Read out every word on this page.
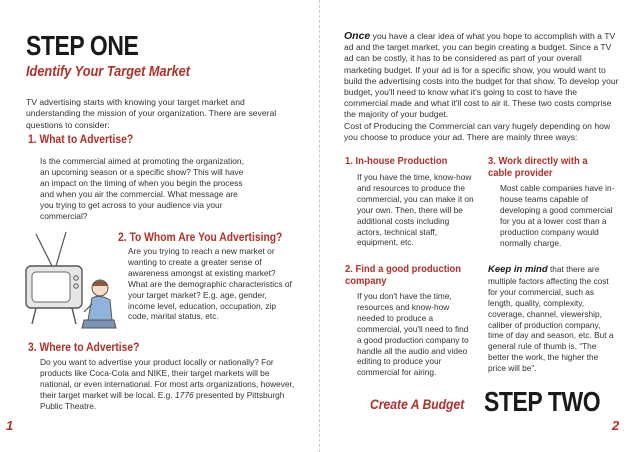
STEP ONE
Identify Your Target Market
TV advertising starts with knowing your target market and understanding the mission of your organization. There are several questions to consider:
1. What to Advertise?
Is the commercial aimed at promoting the organization, an upcoming season or a specific show? This will have an impact on the timing of when you begin the process and when you air the commercial. What message are you trying to get across to your audience via your commercial?
2. To Whom Are You Advertising?
Are you trying to reach a new market or wanting to create a greater sense of awareness amongst at existing market? What are the demographic characteristics of your target market? E.g. age, gender, income level, education, occupation, zip code, marital status, etc.
3. Where to Advertise?
Do you want to advertise your product locally or nationally? For products like Coca-Cola and NIKE, their target markets will be national, or even international. For most arts organizations, however, their target market will be local. E.g. 1776 presented by Pittsburgh Public Theatre.
1
Once you have a clear idea of what you hope to accomplish with a TV ad and the target market, you can begin creating a budget. Since a TV ad can be costly, it has to be considered as part of your overall marketing budget. If your ad is for a specific show, you would want to build the advertising costs into the budget for that show. To develop your budget, you'll need to know what it's going to cost to have the commercial made and what it'll cost to air it. These two costs comprise the majority of your budget.
Cost of Producing the Commercial can vary hugely depending on how you choose to produce your ad. There are mainly three ways:
1. In-house Production
If you have the time, know-how and resources to produce the commercial, you can make it on your own. Then, there will be additional costs including actors, technical staff, equipment, etc.
2. Find a good production company
If you don't have the time, resources and know-how needed to produce a commercial, you'll need to find a good production company to handle all the audio and video editing to produce your commercial for airing.
3. Work directly with a cable provider
Most cable companies have in-house teams capable of developing a good commercial for you at a lower cost than a production company would normally charge.
Keep in mind that there are multiple factors affecting the cost for your commercial, such as length, quality, complexity, coverage, channel, viewership, caliber of production company, time of day and season, etc. But a general rule of thumb is, “The better the work, the higher the price will be”.
Create A Budget STEP TWO
2
